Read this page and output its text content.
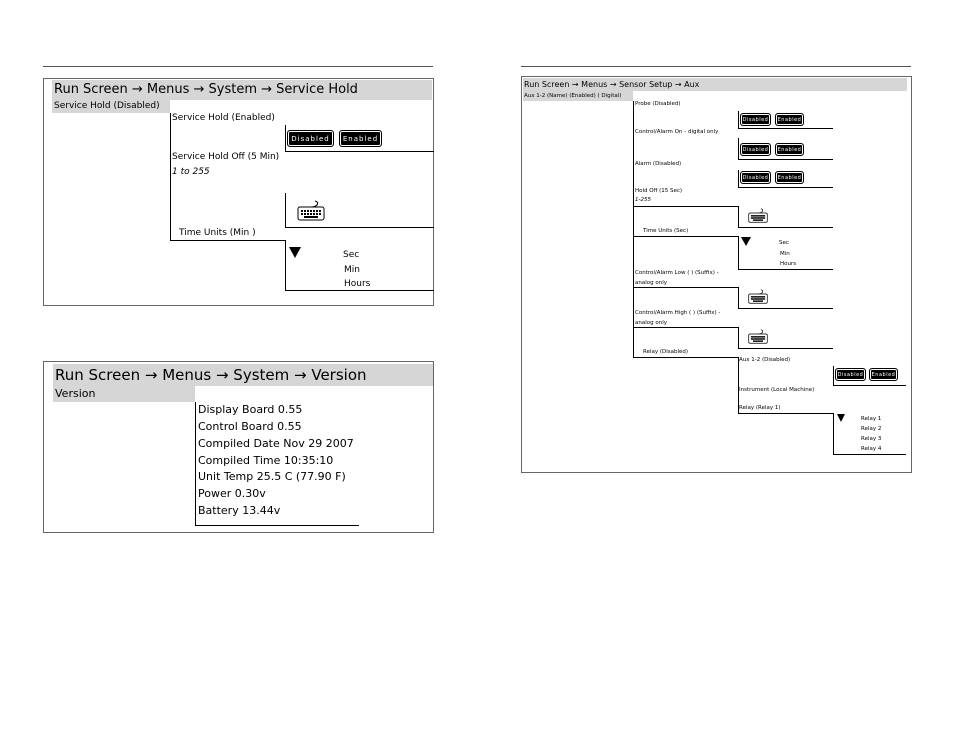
Run Screen → Menus → System → Service Hold
Service Hold (Disabled)
Service Hold (Enabled)
Service Hold Off (5 Min)
1 to 255
Time Units (Min )
Disabled	Enabled
Sec
Min
Hours
Run Screen → Menus → System → Version
Version
Display Board 0.55
Control Board 0.55
Compiled Date Nov 29 2007
Compiled Time 10:35:10
Unit Temp 25.5 C (77.90 F)
Power 0.30v
Battery 13.44v
Run Screen → Menus → Sensor Setup → Aux
Aux 1-2 (Name) (Enabled) ( Digital)
Probe (Disabled)
Control/Alarm On - digital only
Alarm (Disabled)
Hold Off (15 Sec)
1-255
Time Units (Sec)
Control/Alarm Low ( ) (Suffix) -
analog only
Control/Alarm High ( ) (Suffix) -
analog only
Relay (Disabled)
Disabled	Enabled
Disabled	Enabled
Disabled	Enabled
Sec
Min
Hours
Aux 1-2 (Disabled)
Instrument (Local Machine)
Relay (Relay 1)
Disabled	Enabled
Relay 1
Relay 2
Relay 3
Relay 4
